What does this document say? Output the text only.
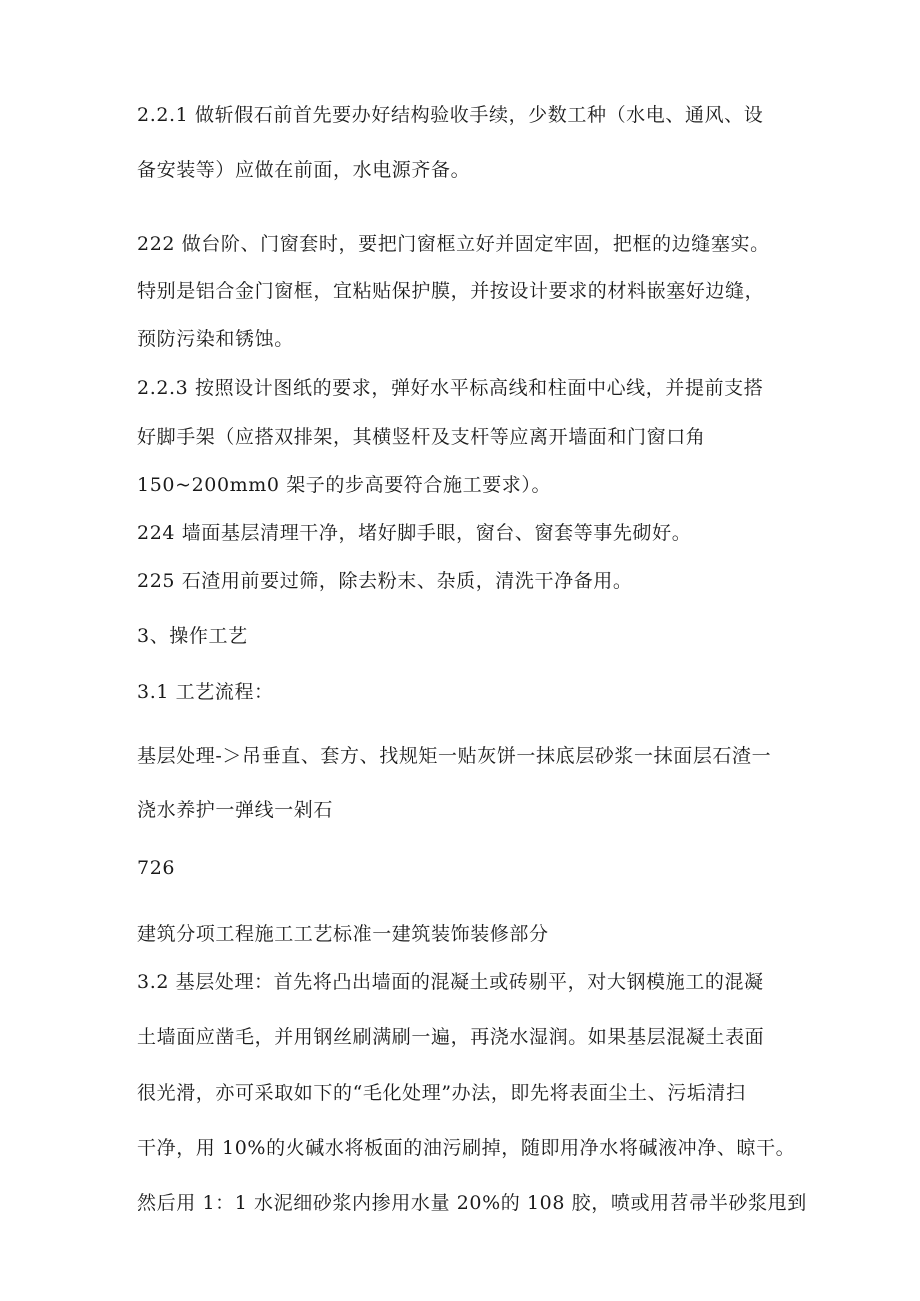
2.2.1 做斩假石前首先要办好结构验收手续，少数工种（水电、通风、设
备安装等）应做在前面，水电源齐备。
222 做台阶、门窗套时，要把门窗框立好并固定牢固，把框的边缝塞实。
特别是铝合金门窗框，宜粘贴保护膜，并按设计要求的材料嵌塞好边缝，
预防污染和锈蚀。
2.2.3 按照设计图纸的要求，弹好水平标高线和柱面中心线，并提前支搭
好脚手架（应搭双排架，其横竖杆及支杆等应离开墙面和门窗口角
150~200mm0 架子的步高要符合施工要求）。
224 墙面基层清理干净，堵好脚手眼，窗台、窗套等事先砌好。
225 石渣用前要过筛，除去粉末、杂质，清洗干净备用。
3、操作工艺
3.1 工艺流程：
基层处理-＞吊垂直、套方、找规矩一贴灰饼一抹底层砂浆一抹面层石渣一
浇水养护一弹线一剁石
726
建筑分项工程施工工艺标准一建筑装饰装修部分
3.2 基层处理：首先将凸出墙面的混凝土或砖剔平，对大钢模施工的混凝
土墙面应凿毛，并用钢丝刷满刷一遍，再浇水湿润。如果基层混凝土表面
很光滑，亦可采取如下的“毛化处理”办法，即先将表面尘土、污垢清扫
干净，用 10%的火碱水将板面的油污刷掉，随即用净水将碱液冲净、晾干。
然后用 1：1 水泥细砂浆内掺用水量 20%的 108 胶，喷或用苕帚半砂浆甩到
